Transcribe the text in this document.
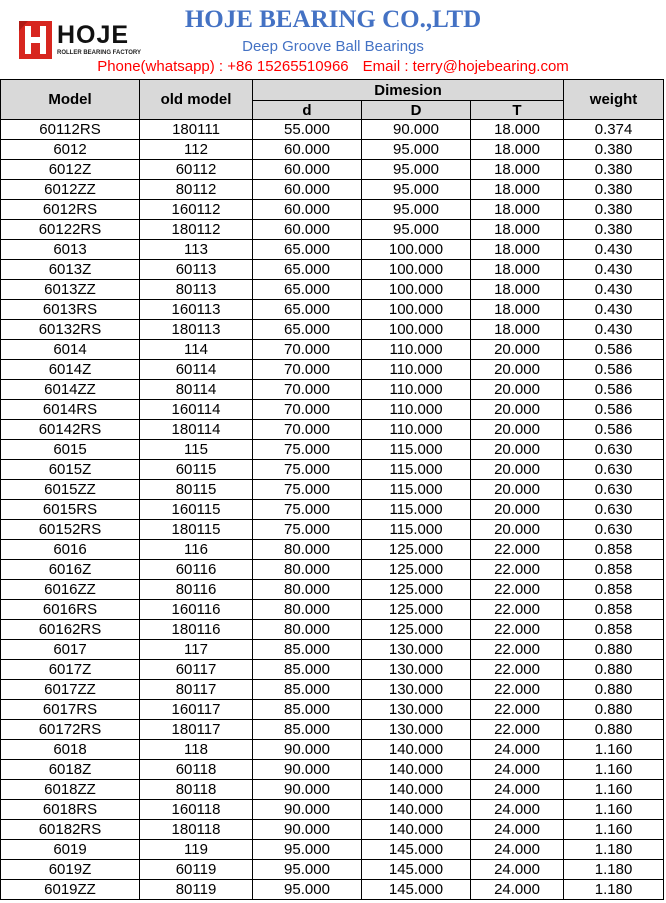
HOJE
ROLLER BEARING FACTORY
HOJE BEARING CO.,LTD
Deep Groove Ball Bearings
Phone(whatsapp) : +86 15265510966 Email : terry@hojebearing.com
Model	old model	Dimesion			weight
		d	D	T	
60112RS	180111	55.000	90.000	18.000	0.374
6012	112	60.000	95.000	18.000	0.380
6012Z	60112	60.000	95.000	18.000	0.380
6012ZZ	80112	60.000	95.000	18.000	0.380
6012RS	160112	60.000	95.000	18.000	0.380
60122RS	180112	60.000	95.000	18.000	0.380
6013	113	65.000	100.000	18.000	0.430
6013Z	60113	65.000	100.000	18.000	0.430
6013ZZ	80113	65.000	100.000	18.000	0.430
6013RS	160113	65.000	100.000	18.000	0.430
60132RS	180113	65.000	100.000	18.000	0.430
6014	114	70.000	110.000	20.000	0.586
6014Z	60114	70.000	110.000	20.000	0.586
6014ZZ	80114	70.000	110.000	20.000	0.586
6014RS	160114	70.000	110.000	20.000	0.586
60142RS	180114	70.000	110.000	20.000	0.586
6015	115	75.000	115.000	20.000	0.630
6015Z	60115	75.000	115.000	20.000	0.630
6015ZZ	80115	75.000	115.000	20.000	0.630
6015RS	160115	75.000	115.000	20.000	0.630
60152RS	180115	75.000	115.000	20.000	0.630
6016	116	80.000	125.000	22.000	0.858
6016Z	60116	80.000	125.000	22.000	0.858
6016ZZ	80116	80.000	125.000	22.000	0.858
6016RS	160116	80.000	125.000	22.000	0.858
60162RS	180116	80.000	125.000	22.000	0.858
6017	117	85.000	130.000	22.000	0.880
6017Z	60117	85.000	130.000	22.000	0.880
6017ZZ	80117	85.000	130.000	22.000	0.880
6017RS	160117	85.000	130.000	22.000	0.880
60172RS	180117	85.000	130.000	22.000	0.880
6018	118	90.000	140.000	24.000	1.160
6018Z	60118	90.000	140.000	24.000	1.160
6018ZZ	80118	90.000	140.000	24.000	1.160
6018RS	160118	90.000	140.000	24.000	1.160
60182RS	180118	90.000	140.000	24.000	1.160
6019	119	95.000	145.000	24.000	1.180
6019Z	60119	95.000	145.000	24.000	1.180
6019ZZ	80119	95.000	145.000	24.000	1.180
